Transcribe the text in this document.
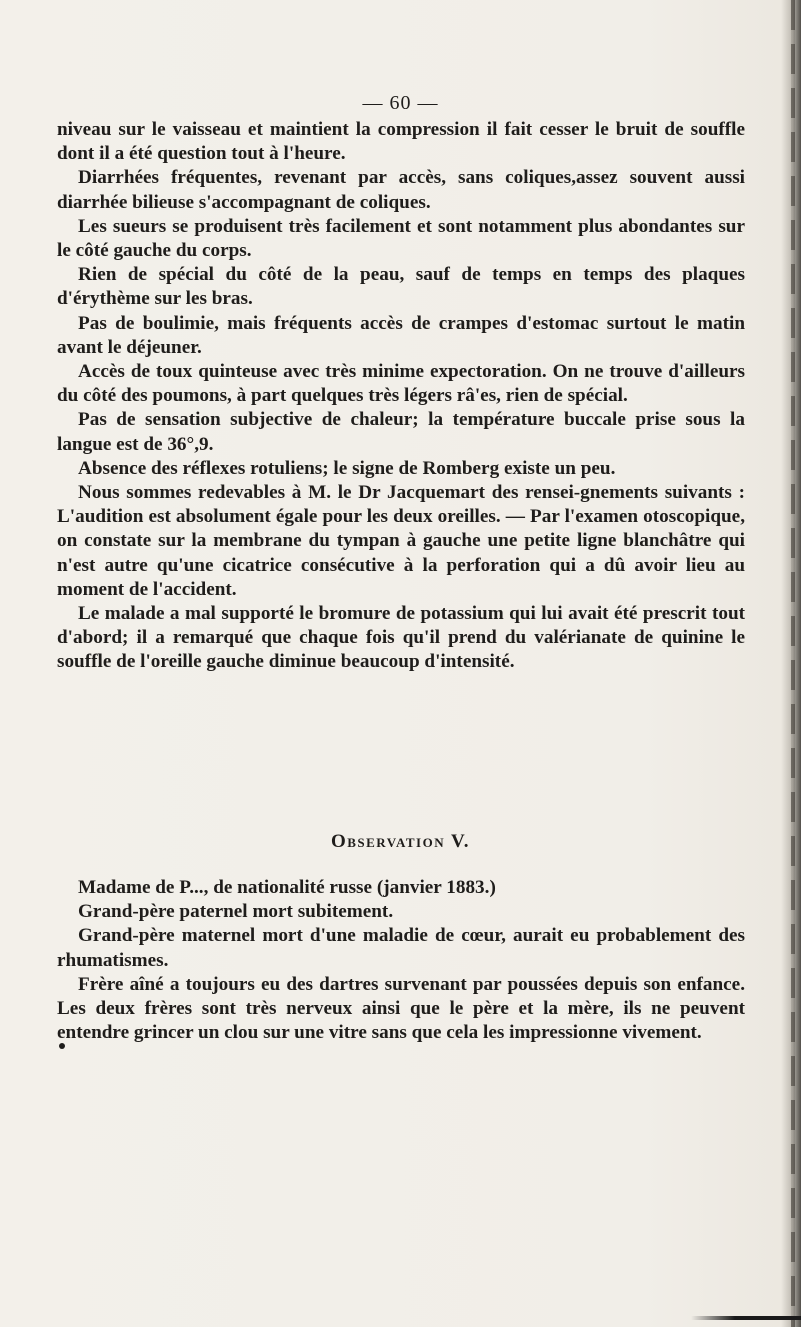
— 60 —

niveau sur le vaisseau et maintient la compression il fait cesser le bruit de souffle dont il a été question tout à l'heure.

Diarrhées fréquentes, revenant par accès, sans coliques,assez souvent aussi diarrhée bilieuse s'accompagnant de coliques.

Les sueurs se produisent très facilement et sont notamment plus abondantes sur le côté gauche du corps.

Rien de spécial du côté de la peau, sauf de temps en temps des plaques d'érythème sur les bras.

Pas de boulimie, mais fréquents accès de crampes d'estomac surtout le matin avant le déjeuner.

Accès de toux quinteuse avec très minime expectoration. On ne trouve d'ailleurs du côté des poumons, à part quelques très légers râ'es, rien de spécial.

Pas de sensation subjective de chaleur; la température buccale prise sous la langue est de 36°,9.

Absence des réflexes rotuliens; le signe de Romberg existe un peu.

Nous sommes redevables à M. le Dr Jacquemart des rensei-gnements suivants : L'audition est absolument égale pour les deux oreilles. — Par l'examen otoscopique, on constate sur la membrane du tympan à gauche une petite ligne blanchâtre qui n'est autre qu'une cicatrice consécutive à la perforation qui a dû avoir lieu au moment de l'accident.

Le malade a mal supporté le bromure de potassium qui lui avait été prescrit tout d'abord; il a remarqué que chaque fois qu'il prend du valérianate de quinine le souffle de l'oreille gauche diminue beaucoup d'intensité.

Observation V.

Madame de P..., de nationalité russe (janvier 1883.)

Grand-père paternel mort subitement.

Grand-père maternel mort d'une maladie de cœur, aurait eu probablement des rhumatismes.

Frère aîné a toujours eu des dartres survenant par poussées depuis son enfance. Les deux frères sont très nerveux ainsi que le père et la mère, ils ne peuvent entendre grincer un clou sur une vitre sans que cela les impressionne vivement.
